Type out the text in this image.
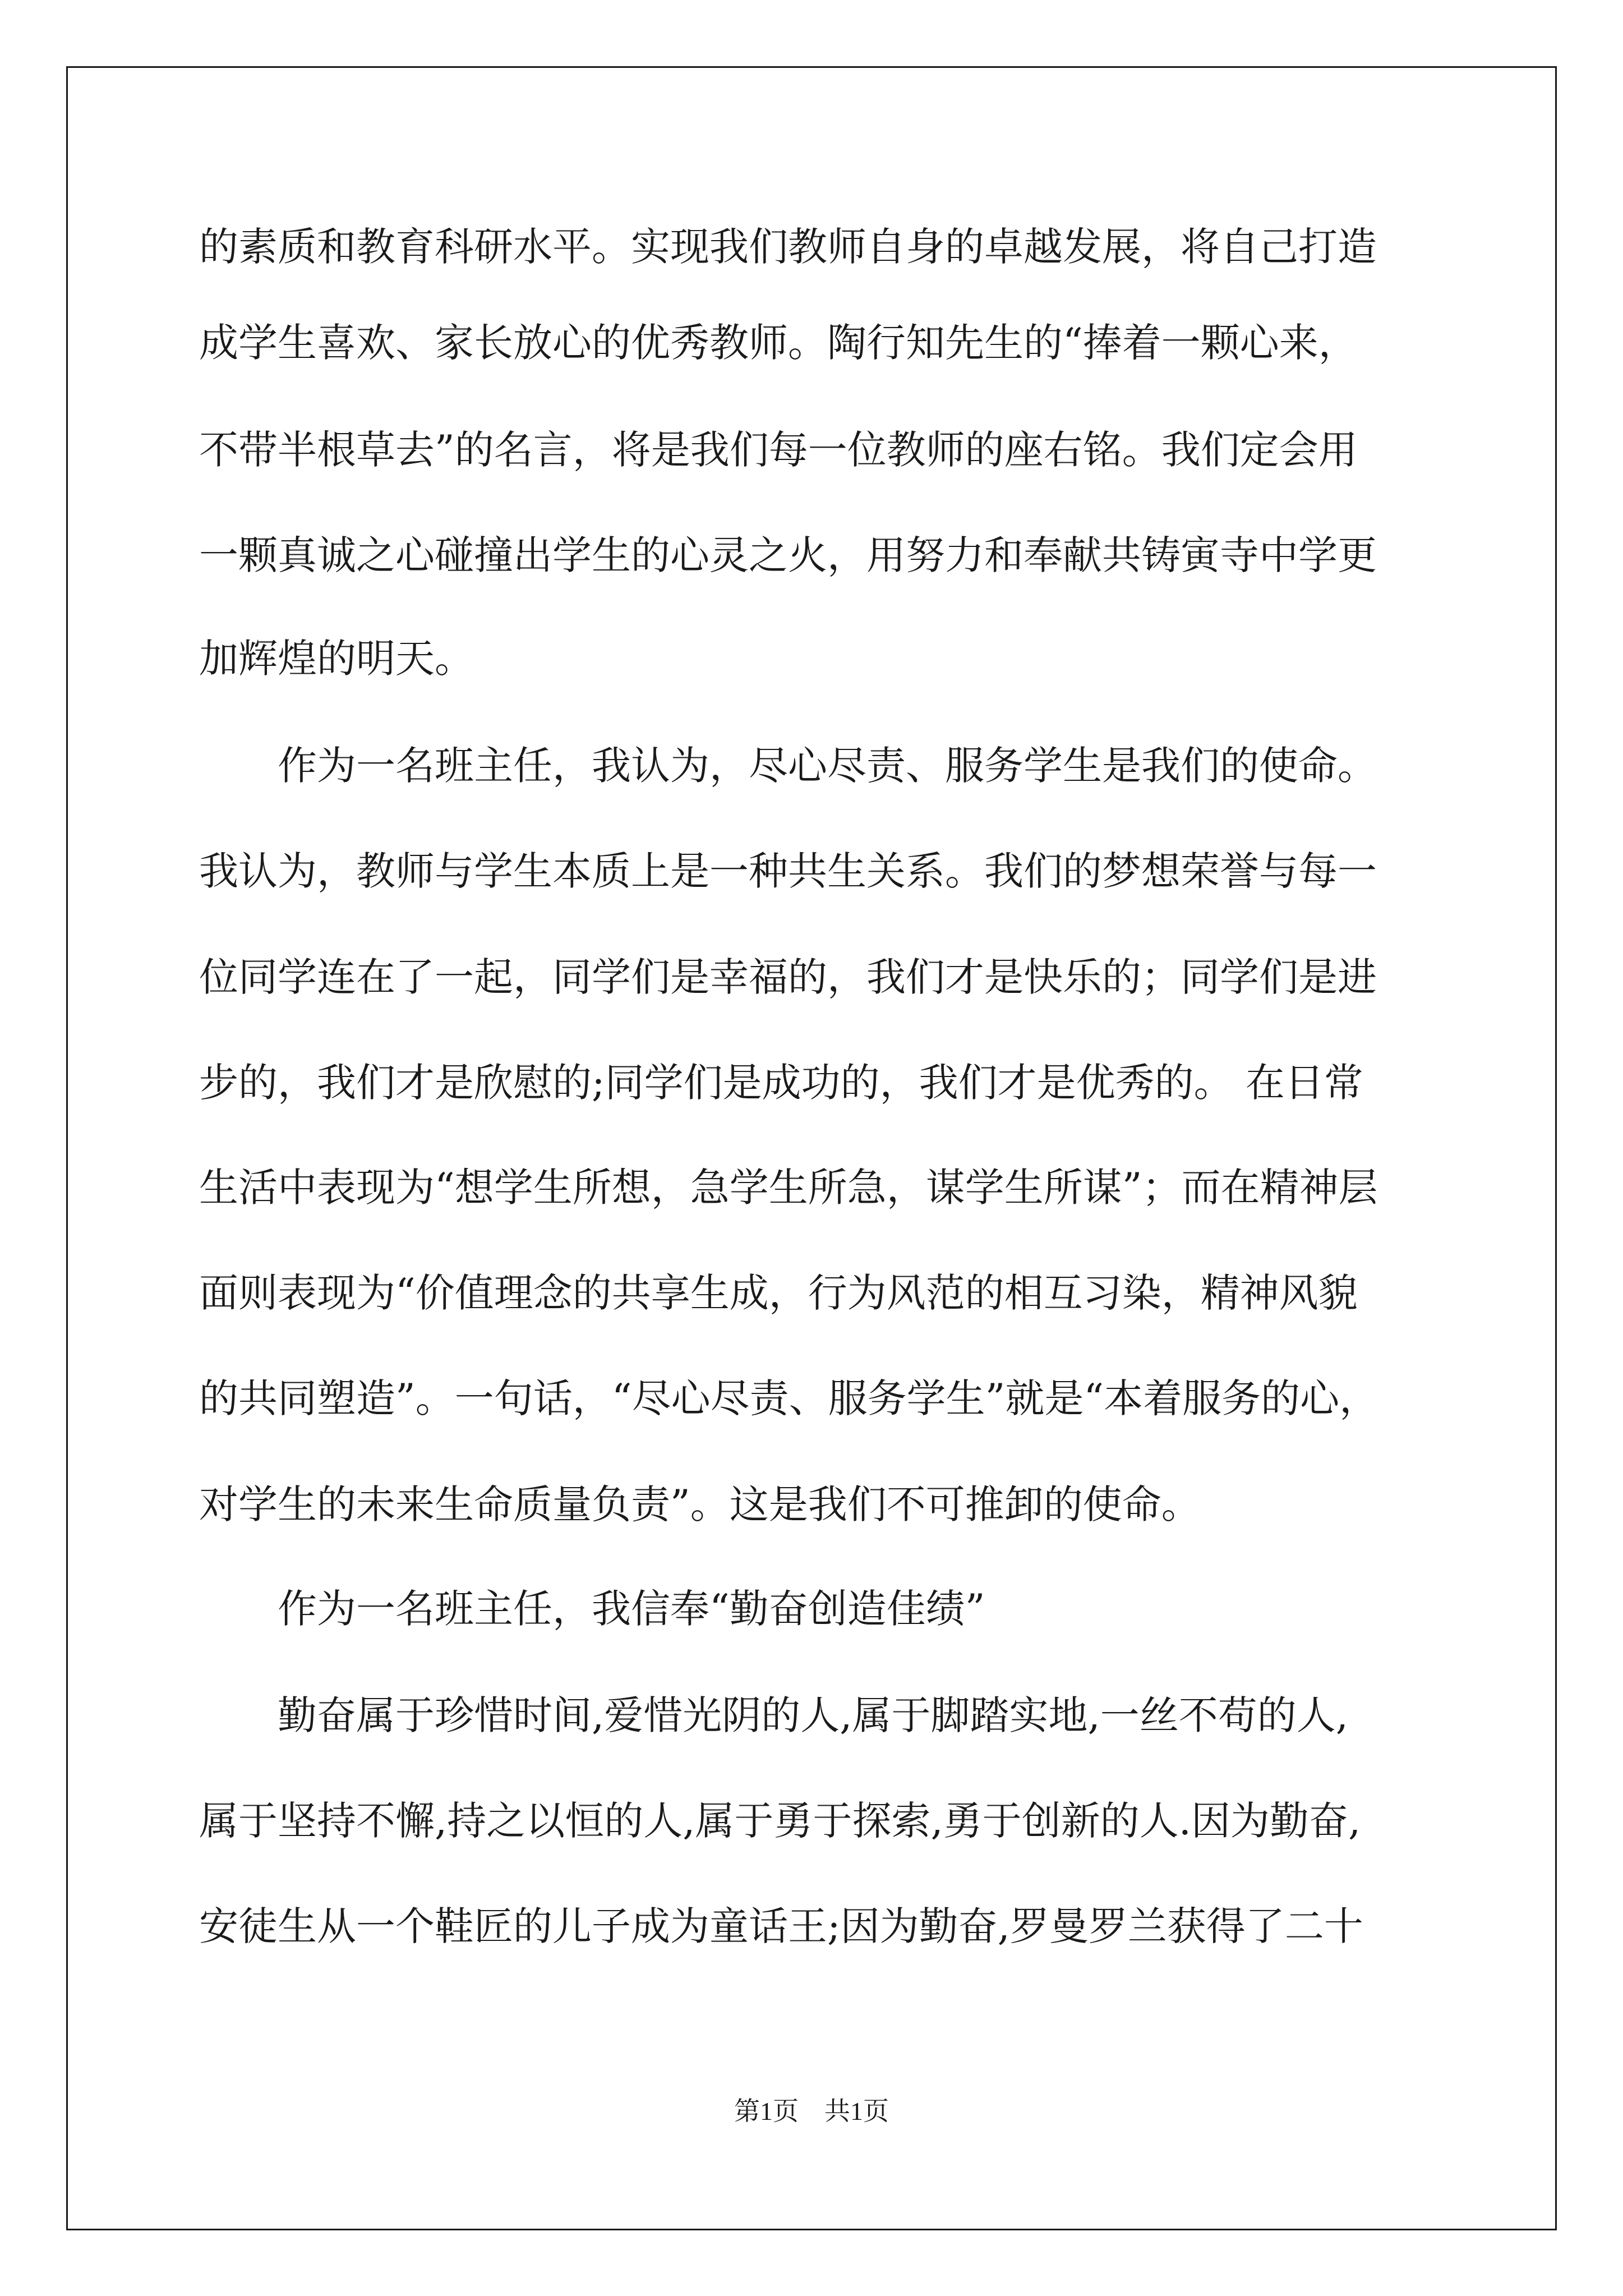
的素质和教育科研水平。实现我们教师自身的卓越发展，将自己打造

成学生喜欢、家长放心的优秀教师。陶行知先生的“捧着一颗心来，

不带半根草去”的名言，将是我们每一位教师的座右铭。我们定会用

一颗真诚之心碰撞出学生的心灵之火，用努力和奉献共铸寅寺中学更

加辉煌的明天。

　　作为一名班主任，我认为，尽心尽责、服务学生是我们的使命。

我认为，教师与学生本质上是一种共生关系。我们的梦想荣誉与每一

位同学连在了一起，同学们是幸福的，我们才是快乐的；同学们是进

步的，我们才是欣慰的;同学们是成功的，我们才是优秀的。 在日常

生活中表现为“想学生所想，急学生所急，谋学生所谋”；而在精神层

面则表现为“价值理念的共享生成，行为风范的相互习染，精神风貌

的共同塑造”。一句话，“尽心尽责、服务学生”就是“本着服务的心，

对学生的未来生命质量负责”。这是我们不可推卸的使命。

　　作为一名班主任，我信奉“勤奋创造佳绩”

　　勤奋属于珍惜时间,爱惜光阴的人,属于脚踏实地,一丝不苟的人,

属于坚持不懈,持之以恒的人,属于勇于探索,勇于创新的人.因为勤奋,

安徒生从一个鞋匠的儿子成为童话王;因为勤奋,罗曼罗兰获得了二十

第1页　共1页
